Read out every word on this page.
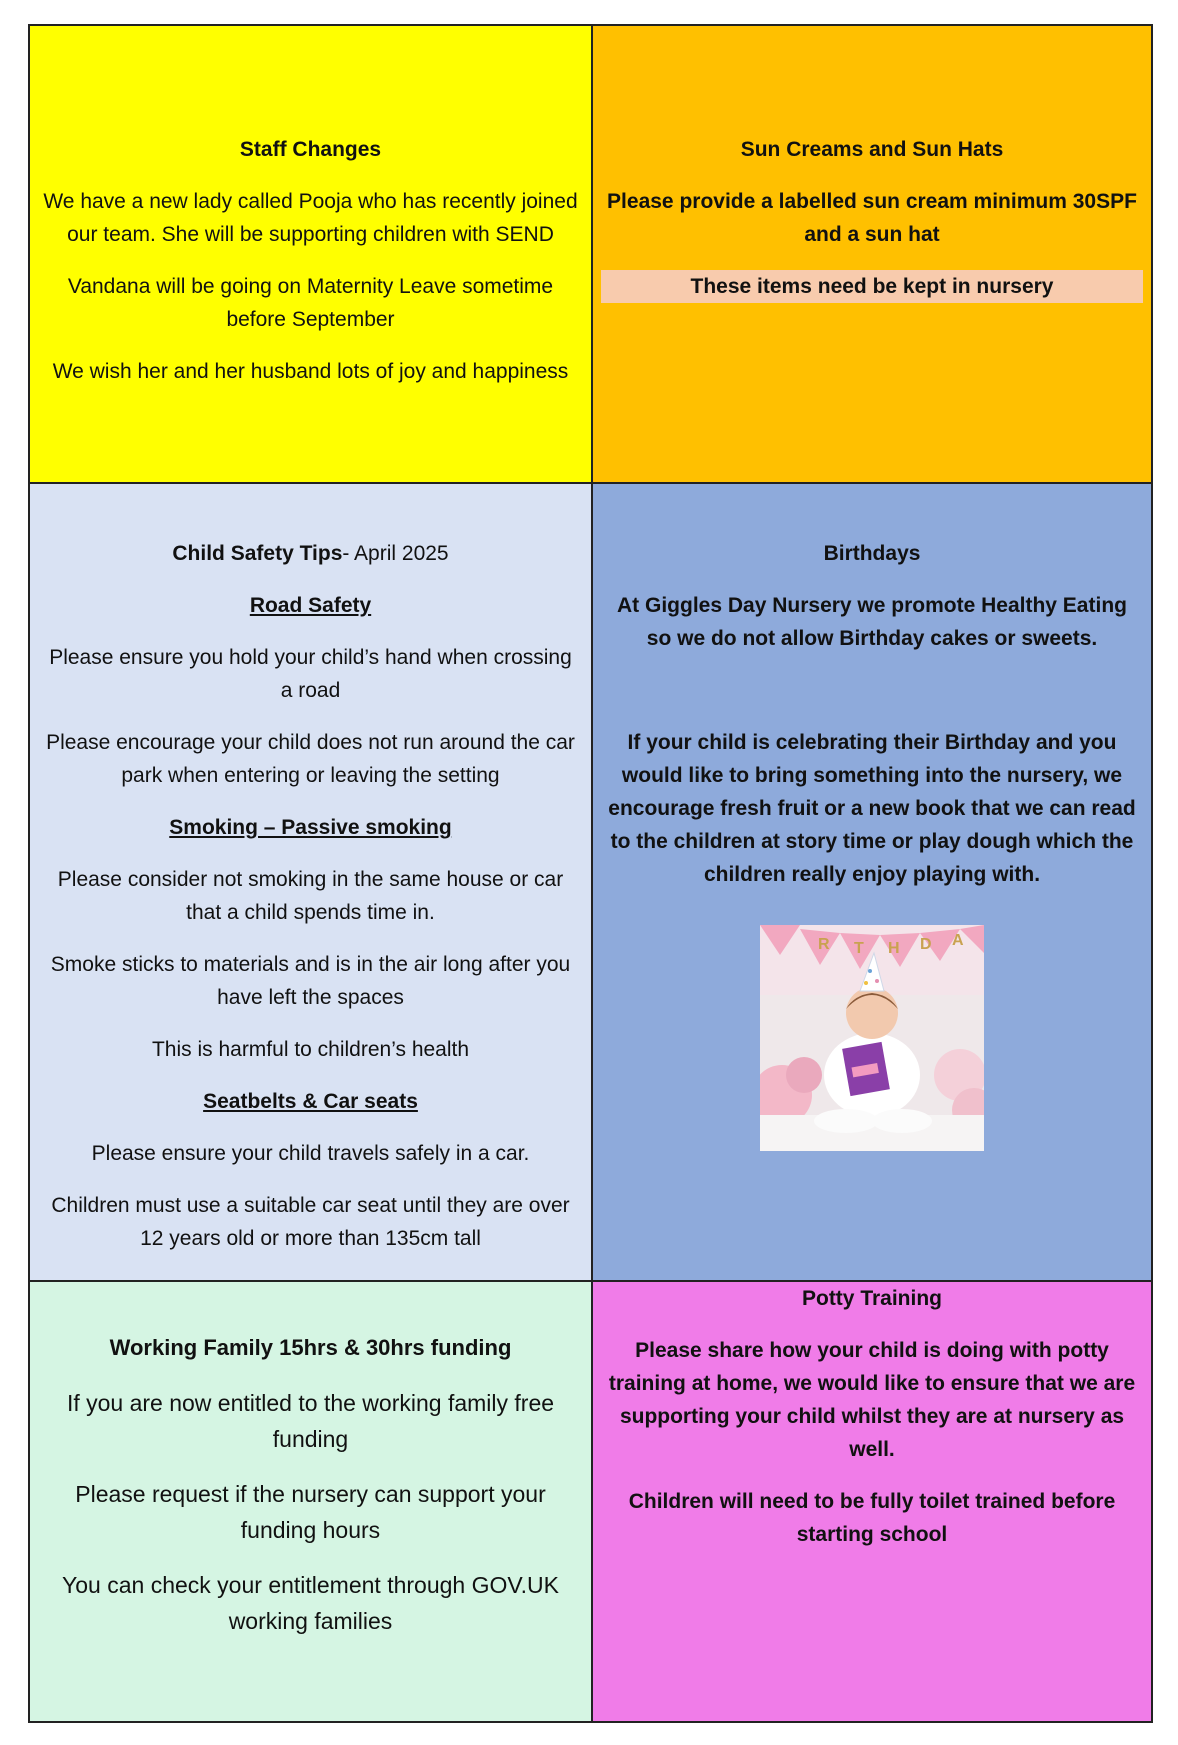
Staff Changes

We have a new lady called Pooja who has recently joined our team. She will be supporting children with SEND

Vandana will be going on Maternity Leave sometime before September

We wish her and her husband lots of joy and happiness

Sun Creams and Sun Hats

Please provide a labelled sun cream minimum 30SPF and a sun hat

These items need be kept in nursery

Child Safety Tips- April 2025

Road Safety

Please ensure you hold your child’s hand when crossing a road

Please encourage your child does not run around the car park when entering or leaving the setting

Smoking – Passive smoking

Please consider not smoking in the same house or car that a child spends time in.

Smoke sticks to materials and is in the air long after you have left the spaces

This is harmful to children’s health

Seatbelts & Car seats

Please ensure your child travels safely in a car.

Children must use a suitable car seat until they are over 12 years old or more than 135cm tall

Birthdays

At Giggles Day Nursery we promote Healthy Eating so we do not allow Birthday cakes or sweets.

If your child is celebrating their Birthday and you would like to bring something into the nursery, we encourage fresh fruit or a new book that we can read to the children at story time or play dough which the children really enjoy playing with.

R T H D A

Working Family 15hrs & 30hrs funding

If you are now entitled to the working family free funding

Please request if the nursery can support your funding hours

You can check your entitlement through GOV.UK working families

Potty Training

Please share how your child is doing with potty training at home, we would like to ensure that we are supporting your child whilst they are at nursery as well.

Children will need to be fully toilet trained before starting school
